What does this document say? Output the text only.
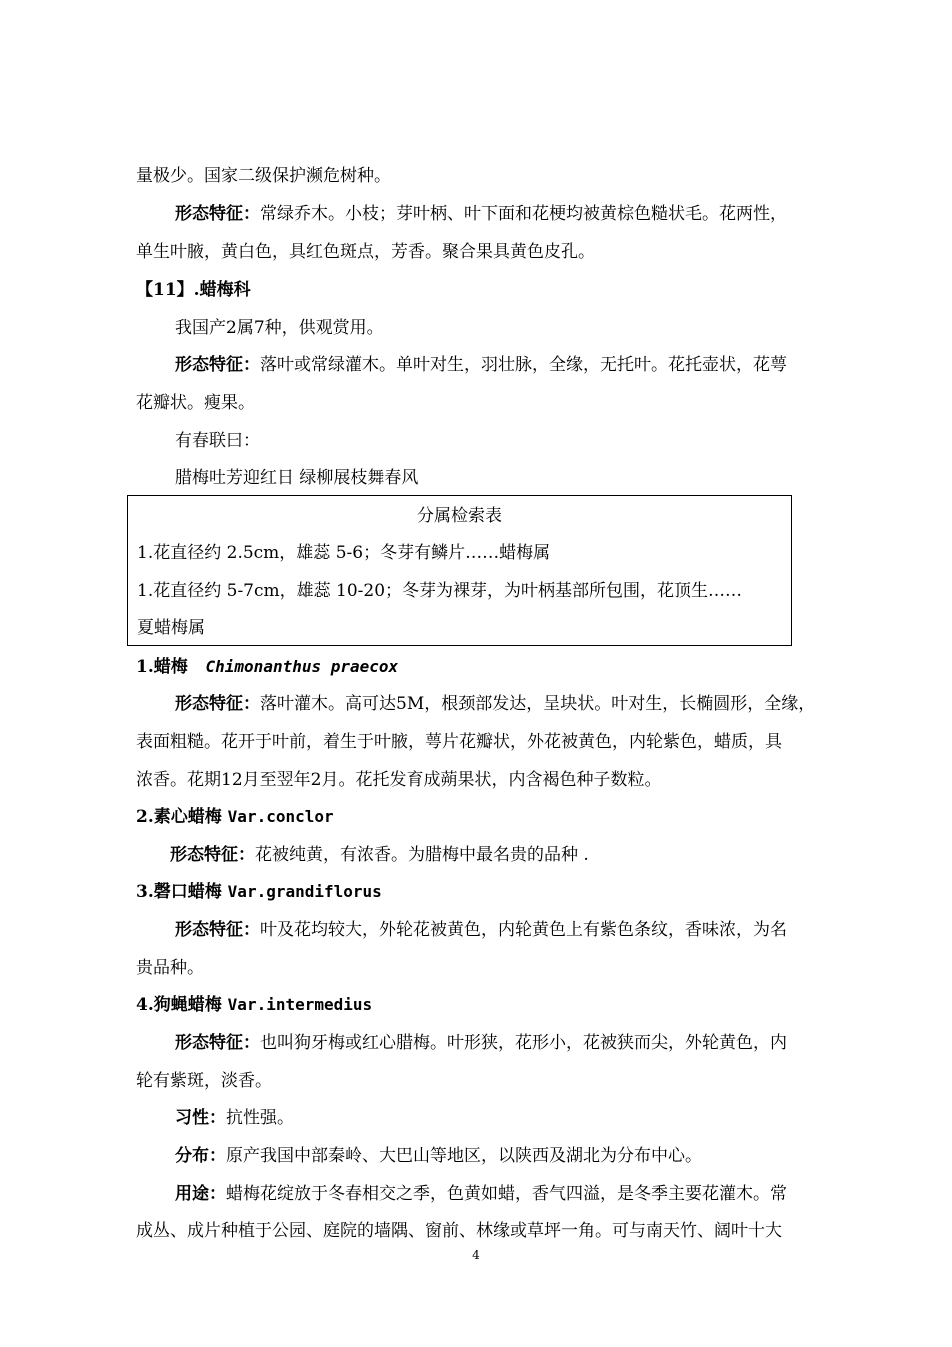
量极少。国家二级保护濒危树种。
形态特征：常绿乔木。小枝；芽叶柄、叶下面和花梗均被黄棕色糙状毛。花两性，
单生叶腋，黄白色，具红色斑点，芳香。聚合果具黄色皮孔。
【11】.蜡梅科
我国产2属7种，供观赏用。
形态特征：落叶或常绿灌木。单叶对生，羽壮脉，全缘，无托叶。花托壶状，花萼
花瓣状。瘦果。
有春联曰：
腊梅吐芳迎红日 绿柳展枝舞春风
分属检索表
1.花直径约 2.5cm，雄蕊 5-6；冬芽有鳞片……蜡梅属
1.花直径约 5-7cm，雄蕊 10-20；冬芽为裸芽，为叶柄基部所包围，花顶生……
夏蜡梅属
1.蜡梅 Chimonanthus praecox
形态特征：落叶灌木。高可达5M，根颈部发达，呈块状。叶对生，长椭圆形，全缘，
表面粗糙。花开于叶前，着生于叶腋，萼片花瓣状，外花被黄色，内轮紫色，蜡质，具
浓香。花期12月至翌年2月。花托发育成蒴果状，内含褐色种子数粒。
2.素心蜡梅 Var.conclor
形态特征：花被纯黄，有浓香。为腊梅中最名贵的品种 .
3.磬口蜡梅 Var.grandiflorus
形态特征：叶及花均较大，外轮花被黄色，内轮黄色上有紫色条纹，香味浓，为名
贵品种。
4.狗蝇蜡梅 Var.intermedius
形态特征：也叫狗牙梅或红心腊梅。叶形狭，花形小，花被狭而尖，外轮黄色，内
轮有紫斑，淡香。
习性：抗性强。
分布：原产我国中部秦岭、大巴山等地区，以陕西及湖北为分布中心。
用途：蜡梅花绽放于冬春相交之季，色黄如蜡，香气四溢，是冬季主要花灌木。常
成丛、成片种植于公园、庭院的墙隅、窗前、林缘或草坪一角。可与南天竹、阔叶十大
4
